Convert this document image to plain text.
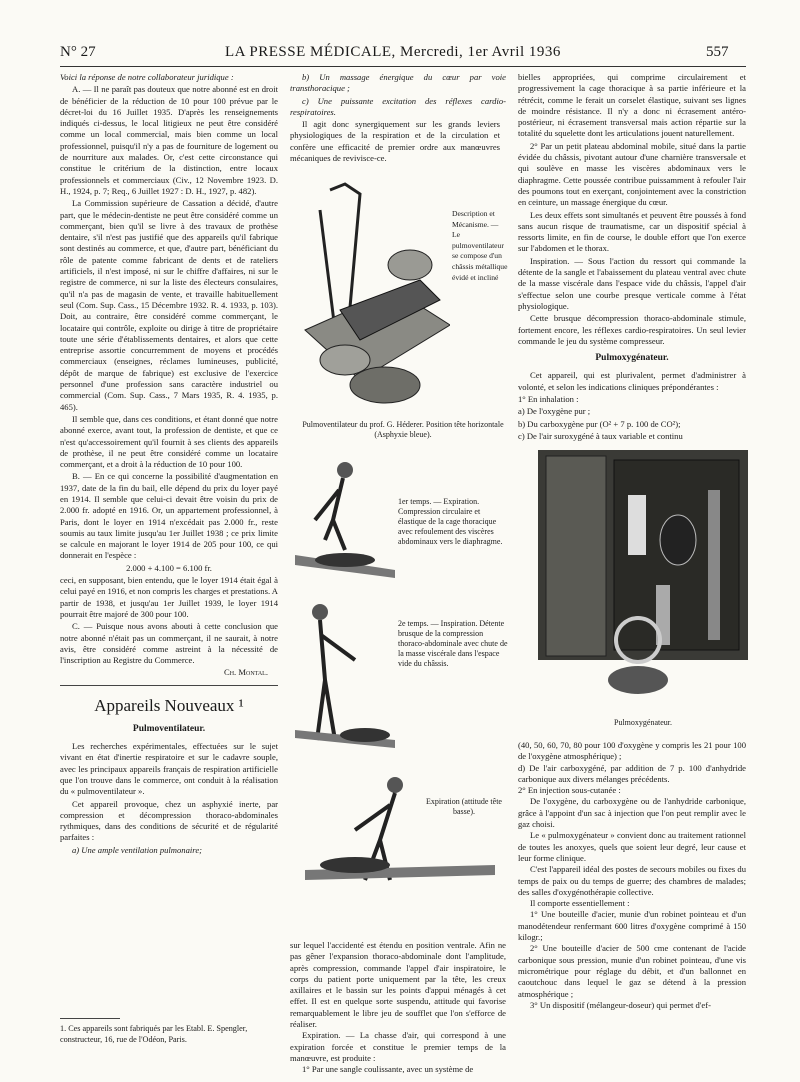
N° 27	LA PRESSE MÉDICALE, Mercredi, 1er Avril 1936	557

Voici la réponse de notre collaborateur juridique :

A. — Il ne paraît pas douteux que notre abonné est en droit de bénéficier de la réduction de 10 pour 100 prévue par le décret-loi du 16 Juillet 1935. D'après les renseignements indiqués ci-dessus, le local litigieux ne peut être considéré comme un local commercial, mais bien comme un local professionnel, puisqu'il n'y a pas de fourniture de logement ou de nourriture aux malades. Or, c'est cette circonstance qui constitue le critérium de la distinction, entre locaux professionnels et commerciaux (Civ., 12 Novembre 1923. D. H., 1924, p. 7; Req., 6 Juillet 1927 : D. H., 1927, p. 482).

La Commission supérieure de Cassation a décidé, d'autre part, que le médecin-dentiste ne peut être considéré comme un commerçant, bien qu'il se livre à des travaux de prothèse dentaire, s'il n'est pas justifié que des appareils qu'il fabrique sont destinés au commerce, et que, d'autre part, bénéficiant du rôle de patente comme fabricant de dents et de rateliers artificiels, il n'est imposé, ni sur le chiffre d'affaires, ni sur le registre de commerce, ni sur la liste des électeurs consulaires, qu'il n'a pas de magasin de vente, et travaille habituellement seul (Com. Sup. Cass., 15 Décembre 1932. R. 4. 1933, p. 103). Doit, au contraire, être considéré comme commerçant, le locataire qui contrôle, exploite ou dirige à titre de propriétaire toute une série d'établissements dentaires, et alors que cette entreprise assortie concurremment de moyens et procédés commerciaux (enseignes, réclames lumineuses, publicité, dépôt de marque de fabrique) est exclusive de l'exercice personnel d'une profession sans caractère industriel ou commercial (Com. Sup. Cass., 7 Mars 1935, R. 4. 1935, p. 465).

Il semble que, dans ces conditions, et étant donné que notre abonné exerce, avant tout, la profession de dentiste, et que ce n'est qu'accessoirement qu'il fournit à ses clients des appareils de prothèse, il ne peut être considéré comme un locataire commerçant, et a droit à la réduction de 10 pour 100.

B. — En ce qui concerne la possibilité d'augmentation en 1937, date de la fin du bail, elle dépend du prix du loyer payé en 1914. Il semble que celui-ci devait être voisin du prix de 2.000 fr. adopté en 1916. Or, un appartement professionnel, à Paris, dont le loyer en 1914 n'excédait pas 2.000 fr., reste soumis au taux limite jusqu'au 1er Juillet 1938 ; ce prix limite se calcule en majorant le loyer 1914 de 205 pour 100, ce qui donnerait en l'espèce :

2.000 + 4.100 = 6.100 fr.

ceci, en supposant, bien entendu, que le loyer 1914 était égal à celui payé en 1916, et non compris les charges et prestations. A partir de 1938, et jusqu'au 1er Juillet 1939, le loyer 1914 pourrait être majoré de 300 pour 100.

C. — Puisque nous avons abouti à cette conclusion que notre abonné n'était pas un commerçant, il ne saurait, à notre avis, être considéré comme astreint à la nécessité de l'inscription au Registre du Commerce.

Ch. Montal.

Appareils Nouveaux ¹
Pulmoventilateur.

Les recherches expérimentales, effectuées sur le sujet vivant en état d'inertie respiratoire et sur le cadavre souple, avec les principaux appareils français de respiration artificielle que l'on trouve dans le commerce, ont conduit à la réalisation du « pulmoventilateur ».

Cet appareil provoque, chez un asphyxié inerte, par compression et décompression thoraco-abdominales rythmiques, dans des conditions de sécurité et de régularité parfaites :

a) Une ample ventilation pulmonaire;

1. Ces appareils sont fabriqués par les Etabl. E. Spengler, constructeur, 16, rue de l'Odéon, Paris.

b) Un massage énergique du cœur par voie transthoracique ;

c) Une puissante excitation des réflexes cardio-respiratoires.

Il agit donc synergiquement sur les grands leviers physiologiques de la respiration et de la circulation et confère une efficacité de premier ordre aux manœuvres mécaniques de revivisce-ce.

Pulmoventilateur du prof. G. Héderer. Position tête horizontale (Asphyxie bleue).
Description et Mécanisme. — Le pulmoventilateur se compose d'un châssis métallique évidé et incliné
1er temps. — Expiration. Compression circulaire et élastique de la cage thoracique avec refoulement des viscères abdominaux vers le diaphragme.
2e temps. — Inspiration. Détente brusque de la compression thoraco-abdominale avec chute de la masse viscérale dans l'espace vide du châssis.
Expiration (attitude tête basse).

sur lequel l'accidenté est étendu en position ventrale. Afin ne pas gêner l'expansion thoraco-abdominale dont l'amplitude, après compression, commande l'appel d'air inspiratoire, le corps du patient porte uniquement par la tête, les creux axillaires et le bassin sur les points d'appui ménagés à cet effet. Il est en quelque sorte suspendu, attitude qui favorise remarquablement le libre jeu de soufflet que l'on s'efforce de réaliser.

Expiration. — La chasse d'air, qui correspond à une expiration forcée et constitue le premier temps de la manœuvre, est produite :

1° Par une sangle coulissante, avec un système de

bielles appropriées, qui comprime circulairement et progressivement la cage thoracique à sa partie inférieure et la rétrécit, comme le ferait un corselet élastique, suivant ses lignes de moindre résistance. Il n'y a donc ni écrasement antéro-postérieur, ni écrasement transversal mais action répartie sur la totalité du squelette dont les articulations jouent naturellement.

2° Par un petit plateau abdominal mobile, situé dans la partie évidée du châssis, pivotant autour d'une charnière transversale et qui soulève en masse les viscères abdominaux vers le diaphragme. Cette poussée contribue puissamment à refouler l'air des poumons tout en exerçant, conjointement avec la constriction en ceinture, un massage énergique du cœur.

Les deux effets sont simultanés et peuvent être poussés à fond sans aucun risque de traumatisme, car un dispositif spécial à ressorts limite, en fin de course, le double effort que l'on exerce sur l'abdomen et le thorax.

Inspiration. — Sous l'action du ressort qui commande la détente de la sangle et l'abaissement du plateau ventral avec chute de la masse viscérale dans l'espace vide du châssis, l'appel d'air s'effectue selon une courbe presque verticale comme à l'état physiologique.

Cette brusque décompression thoraco-abdominale stimule, fortement encore, les réflexes cardio-respiratoires. Un seul levier commande le jeu du système compresseur.

Pulmoxygénateur.

Cet appareil, qui est plurivalent, permet d'administrer à volonté, et selon les indications cliniques prépondérantes :

1° En inhalation :

a) De l'oxygène pur ;

b) Du carboxygène pur (O² + 7 p. 100 de CO²);

c) De l'air suroxygéné à taux variable et continu

Pulmoxygénateur.

(40, 50, 60, 70, 80 pour 100 d'oxygène y compris les 21 pour 100 de l'oxygène atmosphérique) ;

d) De l'air carboxygéné, par addition de 7 p. 100 d'anhydride carbonique aux divers mélanges précédents.

2° En injection sous-cutanée :

De l'oxygène, du carboxygène ou de l'anhydride carbonique, grâce à l'appoint d'un sac à injection que l'on peut remplir avec le gaz choisi.

Le « pulmoxygénateur » convient donc au traitement rationnel de toutes les anoxyes, quels que soient leur degré, leur cause et leur forme clinique.

C'est l'appareil idéal des postes de secours mobiles ou fixes du temps de paix ou du temps de guerre; des chambres de malades; des salles d'oxygénothérapie collective.

Il comporte essentiellement :

1° Une bouteille d'acier, munie d'un robinet pointeau et d'un manodétendeur renfermant 600 litres d'oxygène comprimé à 150 kilogr.;

2° Une bouteille d'acier de 500 cme contenant de l'acide carbonique sous pression, munie d'un robinet pointeau, d'une vis micrométrique pour réglage du débit, et d'un ballonnet en caoutchouc dans lequel le gaz se détend à la pression atmosphérique ;

3° Un dispositif (mélangeur-doseur) qui permet d'ef-
